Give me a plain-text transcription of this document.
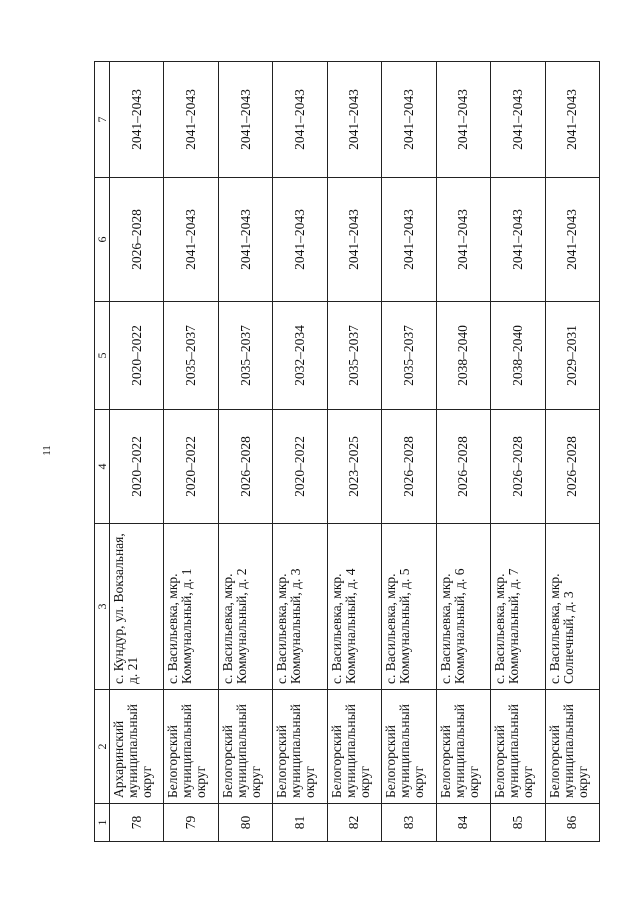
11
1	2	3	4	5	6	7
78	Архаринский муниципальный округ	с. Кундур, ул. Вокзальная, д. 21	2020–2022	2020–2022	2026–2028	2041–2043
79	Белогорский муниципальный округ	с. Васильевка, мкр. Коммунальный, д. 1	2020–2022	2035–2037	2041–2043	2041–2043
80	Белогорский муниципальный округ	с. Васильевка, мкр. Коммунальный, д. 2	2026–2028	2035–2037	2041–2043	2041–2043
81	Белогорский муниципальный округ	с. Васильевка, мкр. Коммунальный, д. 3	2020–2022	2032–2034	2041–2043	2041–2043
82	Белогорский муниципальный округ	с. Васильевка, мкр. Коммунальный, д. 4	2023–2025	2035–2037	2041–2043	2041–2043
83	Белогорский муниципальный округ	с. Васильевка, мкр. Коммунальный, д. 5	2026–2028	2035–2037	2041–2043	2041–2043
84	Белогорский муниципальный округ	с. Васильевка, мкр. Коммунальный, д. 6	2026–2028	2038–2040	2041–2043	2041–2043
85	Белогорский муниципальный округ	с. Васильевка, мкр. Коммунальный, д. 7	2026–2028	2038–2040	2041–2043	2041–2043
86	Белогорский муниципальный округ	с. Васильевка, мкр. Солнечный, д. 3	2026–2028	2029–2031	2041–2043	2041–2043
